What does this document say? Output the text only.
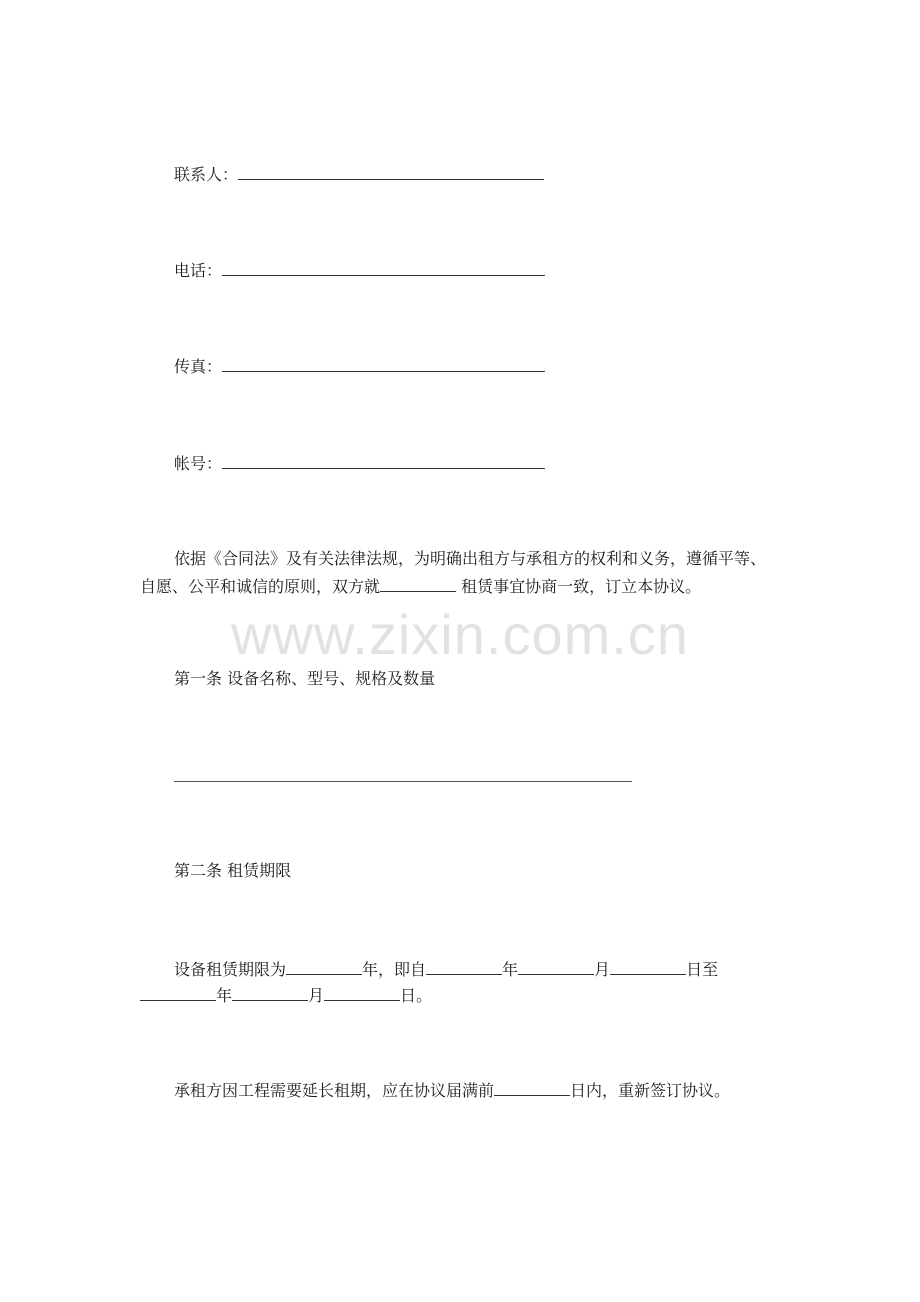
联系人：
电话：
传真：
帐号：
依据《合同法》及有关法律法规，为明确出租方与承租方的权利和义务，遵循平等、
自愿、公平和诚信的原则，双方就	租赁事宜协商一致，订立本协议。
www.zixin.com.cn
第一条 设备名称、型号、规格及数量
第二条 租赁期限
设备租赁期限为	年，即自	年	月	日至
年	月	日。
承租方因工程需要延长租期，应在协议届满前	日内，重新签订协议。
